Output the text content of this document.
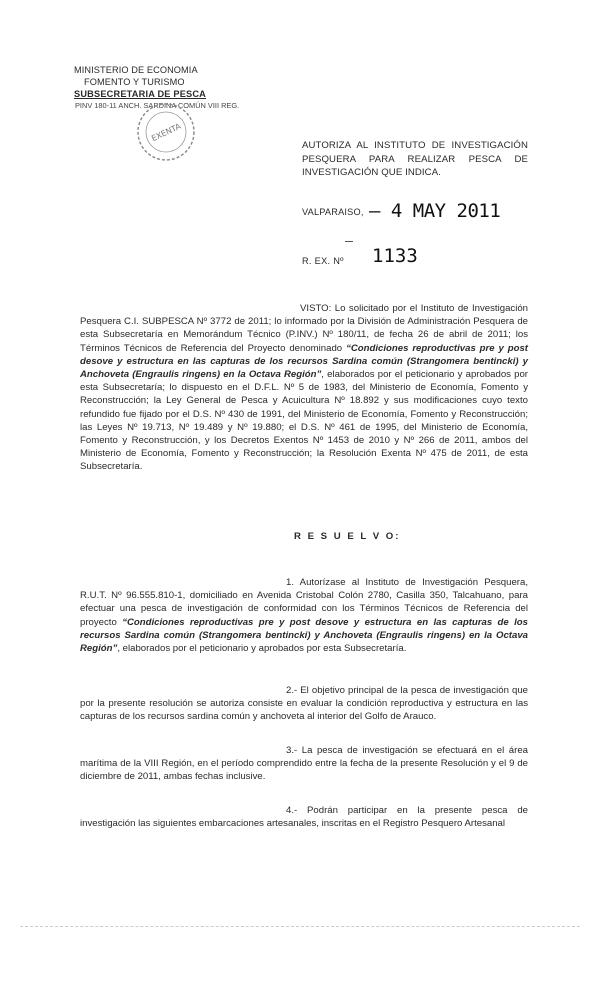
MINISTERIO DE ECONOMIA
FOMENTO Y TURISMO
SUBSECRETARIA DE PESCA
PINV 180-11 ANCH. SARDINA COMÚN VIII REG.
EXENTA
AUTORIZA AL INSTITUTO DE INVESTIGACIÓN PESQUERA PARA REALIZAR PESCA DE INVESTIGACIÓN QUE INDICA.
VALPARAISO, – 4 MAY 2011
R. EX. Nº 1133
VISTO: Lo solicitado por el Instituto de Investigación Pesquera C.I. SUBPESCA Nº 3772 de 2011; lo informado por la División de Administración Pesquera de esta Subsecretaría en Memorándum Técnico (P.INV.) Nº 180/11, de fecha 26 de abril de 2011; los Términos Técnicos de Referencia del Proyecto denominado “Condiciones reproductivas pre y post desove y estructura en las capturas de los recursos Sardina común (Strangomera bentincki) y Anchoveta (Engraulis ringens) en la Octava Región”, elaborados por el peticionario y aprobados por esta Subsecretaría; lo dispuesto en el D.F.L. Nº 5 de 1983, del Ministerio de Economía, Fomento y Reconstrucción; la Ley General de Pesca y Acuicultura Nº 18.892 y sus modificaciones cuyo texto refundido fue fijado por el D.S. Nº 430 de 1991, del Ministerio de Economía, Fomento y Reconstrucción; las Leyes Nº 19.713, Nº 19.489 y Nº 19.880; el D.S. Nº 461 de 1995, del Ministerio de Economía, Fomento y Reconstrucción, y los Decretos Exentos Nº 1453 de 2010 y Nº 266 de 2011, ambos del Ministerio de Economía, Fomento y Reconstrucción; la Resolución Exenta Nº 475 de 2011, de esta Subsecretaría.
R E S U E L V O:
1. Autorízase al Instituto de Investigación Pesquera, R.U.T. Nº 96.555.810-1, domiciliado en Avenida Cristobal Colón 2780, Casilla 350, Talcahuano, para efectuar una pesca de investigación de conformidad con los Términos Técnicos de Referencia del proyecto “Condiciones reproductivas pre y post desove y estructura en las capturas de los recursos Sardina común (Strangomera bentincki) y Anchoveta (Engraulis ringens) en la Octava Región”, elaborados por el peticionario y aprobados por esta Subsecretaría.
2.- El objetivo principal de la pesca de investigación que por la presente resolución se autoriza consiste en evaluar la condición reproductiva y estructura en las capturas de los recursos sardina común y anchoveta al interior del Golfo de Arauco.
3.- La pesca de investigación se efectuará en el área marítima de la VIII Región, en el período comprendido entre la fecha de la presente Resolución y el 9 de diciembre de 2011, ambas fechas inclusive.
4.- Podrán participar en la presente pesca de investigación las siguientes embarcaciones artesanales, inscritas en el Registro Pesquero Artesanal
